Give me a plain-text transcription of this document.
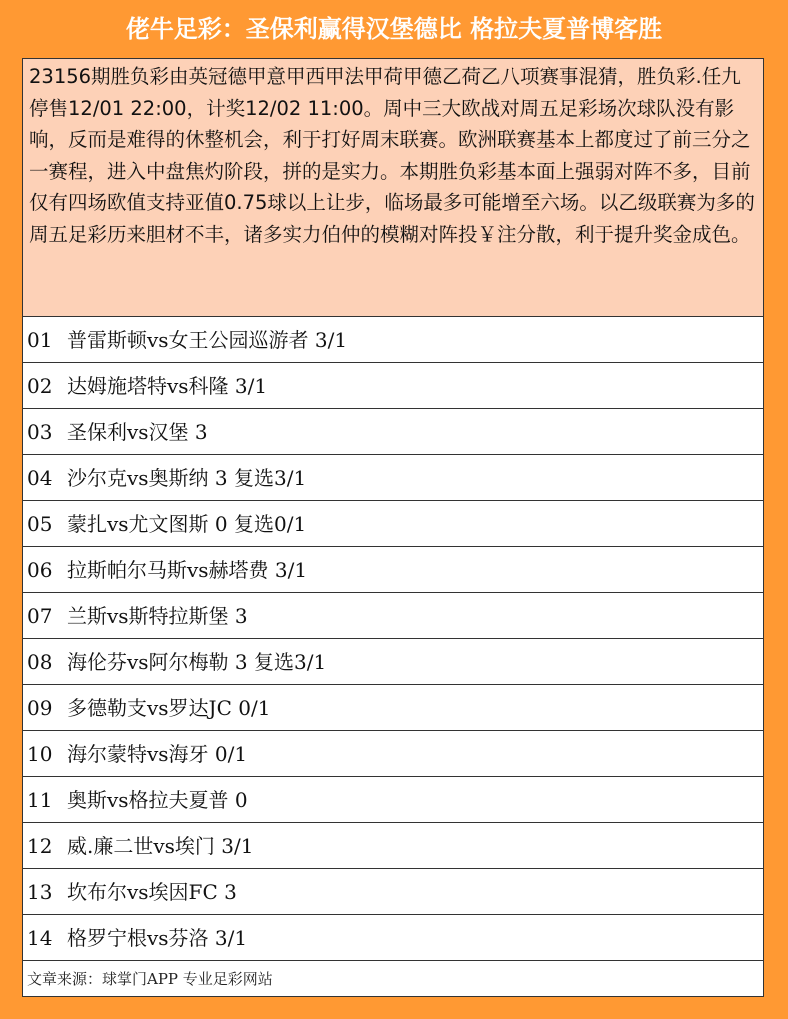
佬牛足彩：圣保利赢得汉堡德比 格拉夫夏普博客胜
23156期胜负彩由英冠德甲意甲西甲法甲荷甲德乙荷乙八项赛事混猜，胜负彩.任九停售12/01 22:00，计奖12/02 11:00。周中三大欧战对周五足彩场次球队没有影响，反而是难得的休整机会，利于打好周末联赛。欧洲联赛基本上都度过了前三分之一赛程，进入中盘焦灼阶段，拼的是实力。本期胜负彩基本面上强弱对阵不多，目前仅有四场欧值支持亚值0.75球以上让步，临场最多可能增至六场。以乙级联赛为多的周五足彩历来胆材不丰，诸多实力伯仲的模糊对阵投￥注分散，利于提升奖金成色。
01 普雷斯顿vs女王公园巡游者 3/1
02 达姆施塔特vs科隆 3/1
03 圣保利vs汉堡 3
04 沙尔克vs奥斯纳 3 复选3/1
05 蒙扎vs尤文图斯 0 复选0/1
06 拉斯帕尔马斯vs赫塔费 3/1
07 兰斯vs斯特拉斯堡 3
08 海伦芬vs阿尔梅勒 3 复选3/1
09 多德勒支vs罗达JC 0/1
10 海尔蒙特vs海牙 0/1
11 奥斯vs格拉夫夏普 0
12 威.廉二世vs埃门 3/1
13 坎布尔vs埃因FC 3
14 格罗宁根vs芬洛 3/1
文章来源：球掌门APP 专业足彩网站
